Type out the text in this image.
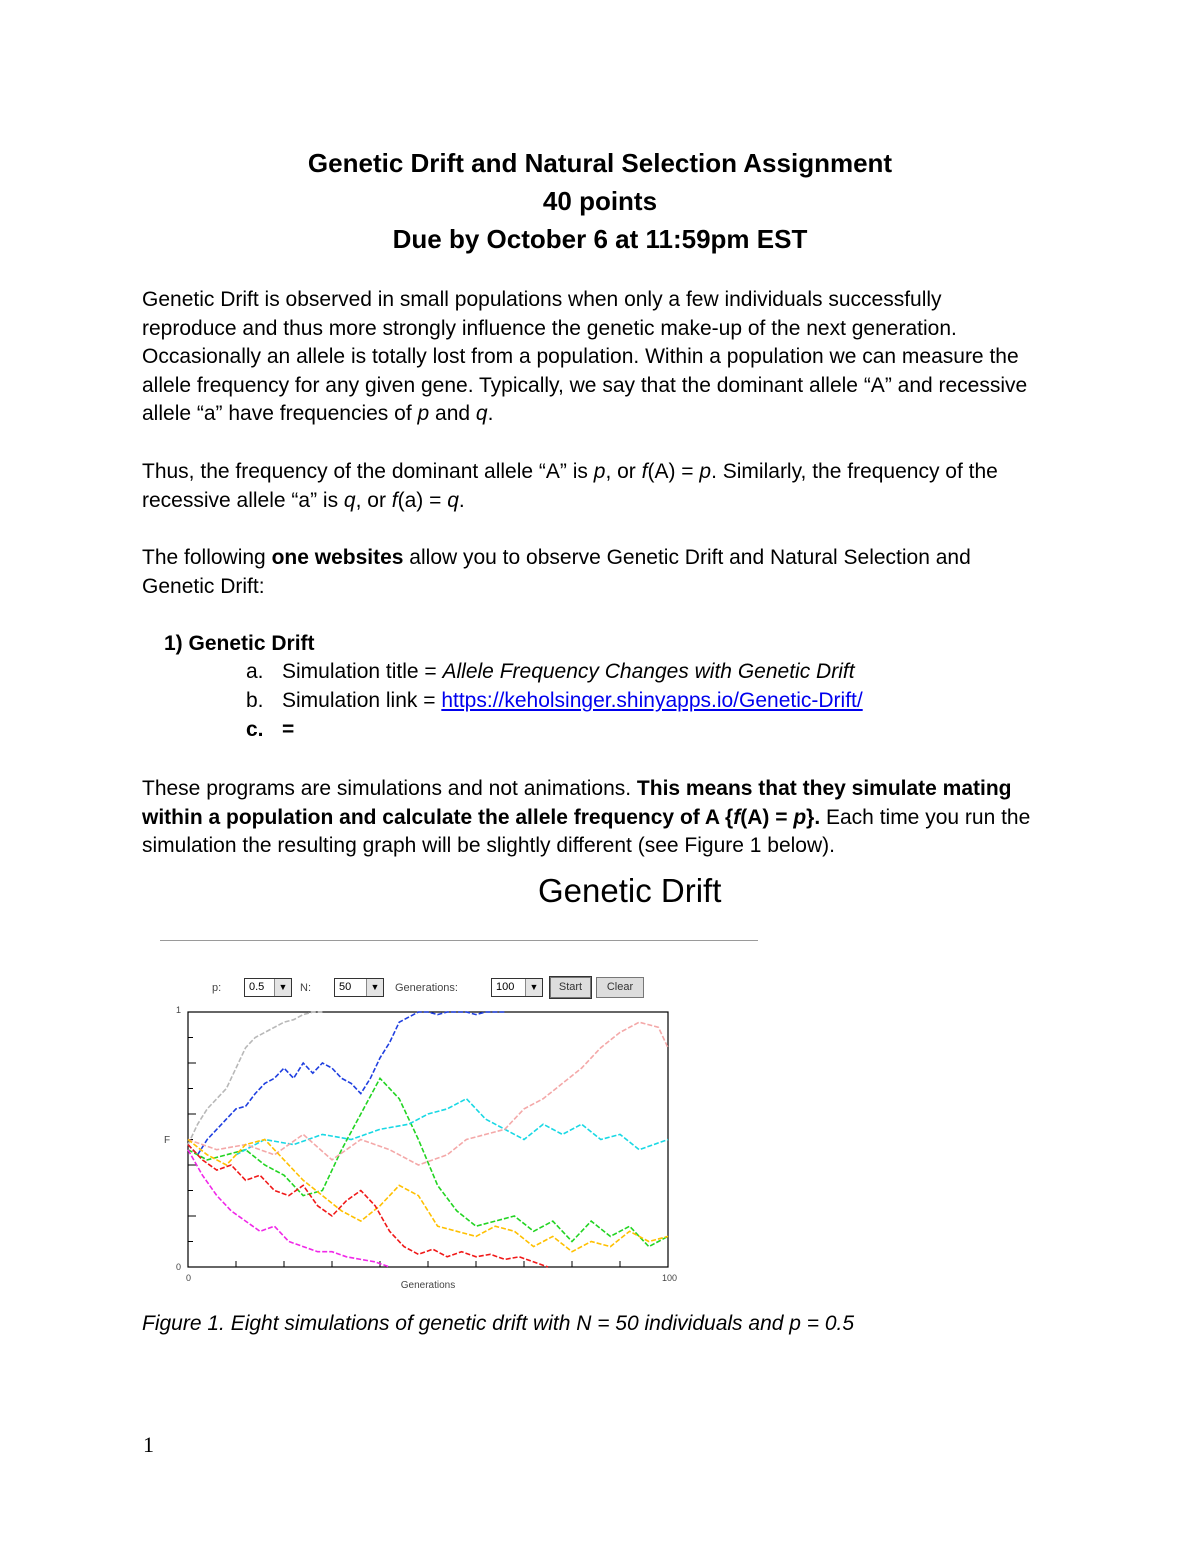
Genetic Drift and Natural Selection Assignment
40 points
Due by October 6 at 11:59pm EST

Genetic Drift is observed in small populations when only a few individuals successfully

reproduce and thus more strongly influence the genetic make-up of the next generation.

Occasionally an allele is totally lost from a population. Within a population we can measure the

allele frequency for any given gene. Typically, we say that the dominant allele “A” and recessive

allele “a” have frequencies of p and q.

Thus, the frequency of the dominant allele “A” is p, or f(A) = p. Similarly, the frequency of the

recessive allele “a” is q, or f(a) = q.

The following one websites allow you to observe Genetic Drift and Natural Selection and

Genetic Drift:

1) Genetic Drift
a. Simulation title = Allele Frequency Changes with Genetic Drift
b. Simulation link = https://keholsinger.shinyapps.io/Genetic-Drift/
c. =

These programs are simulations and not animations. This means that they simulate mating

within a population and calculate the allele frequency of A {f(A) = p}. Each time you run the

simulation the resulting graph will be slightly different (see Figure 1 below).

Genetic Drift
p:	0.5	▼	N:	50	▼	Generations:	100	▼	Start	Clear
F
Generations
1
0
0	100
Figure 1. Eight simulations of genetic drift with N = 50 individuals and p = 0.5
1
